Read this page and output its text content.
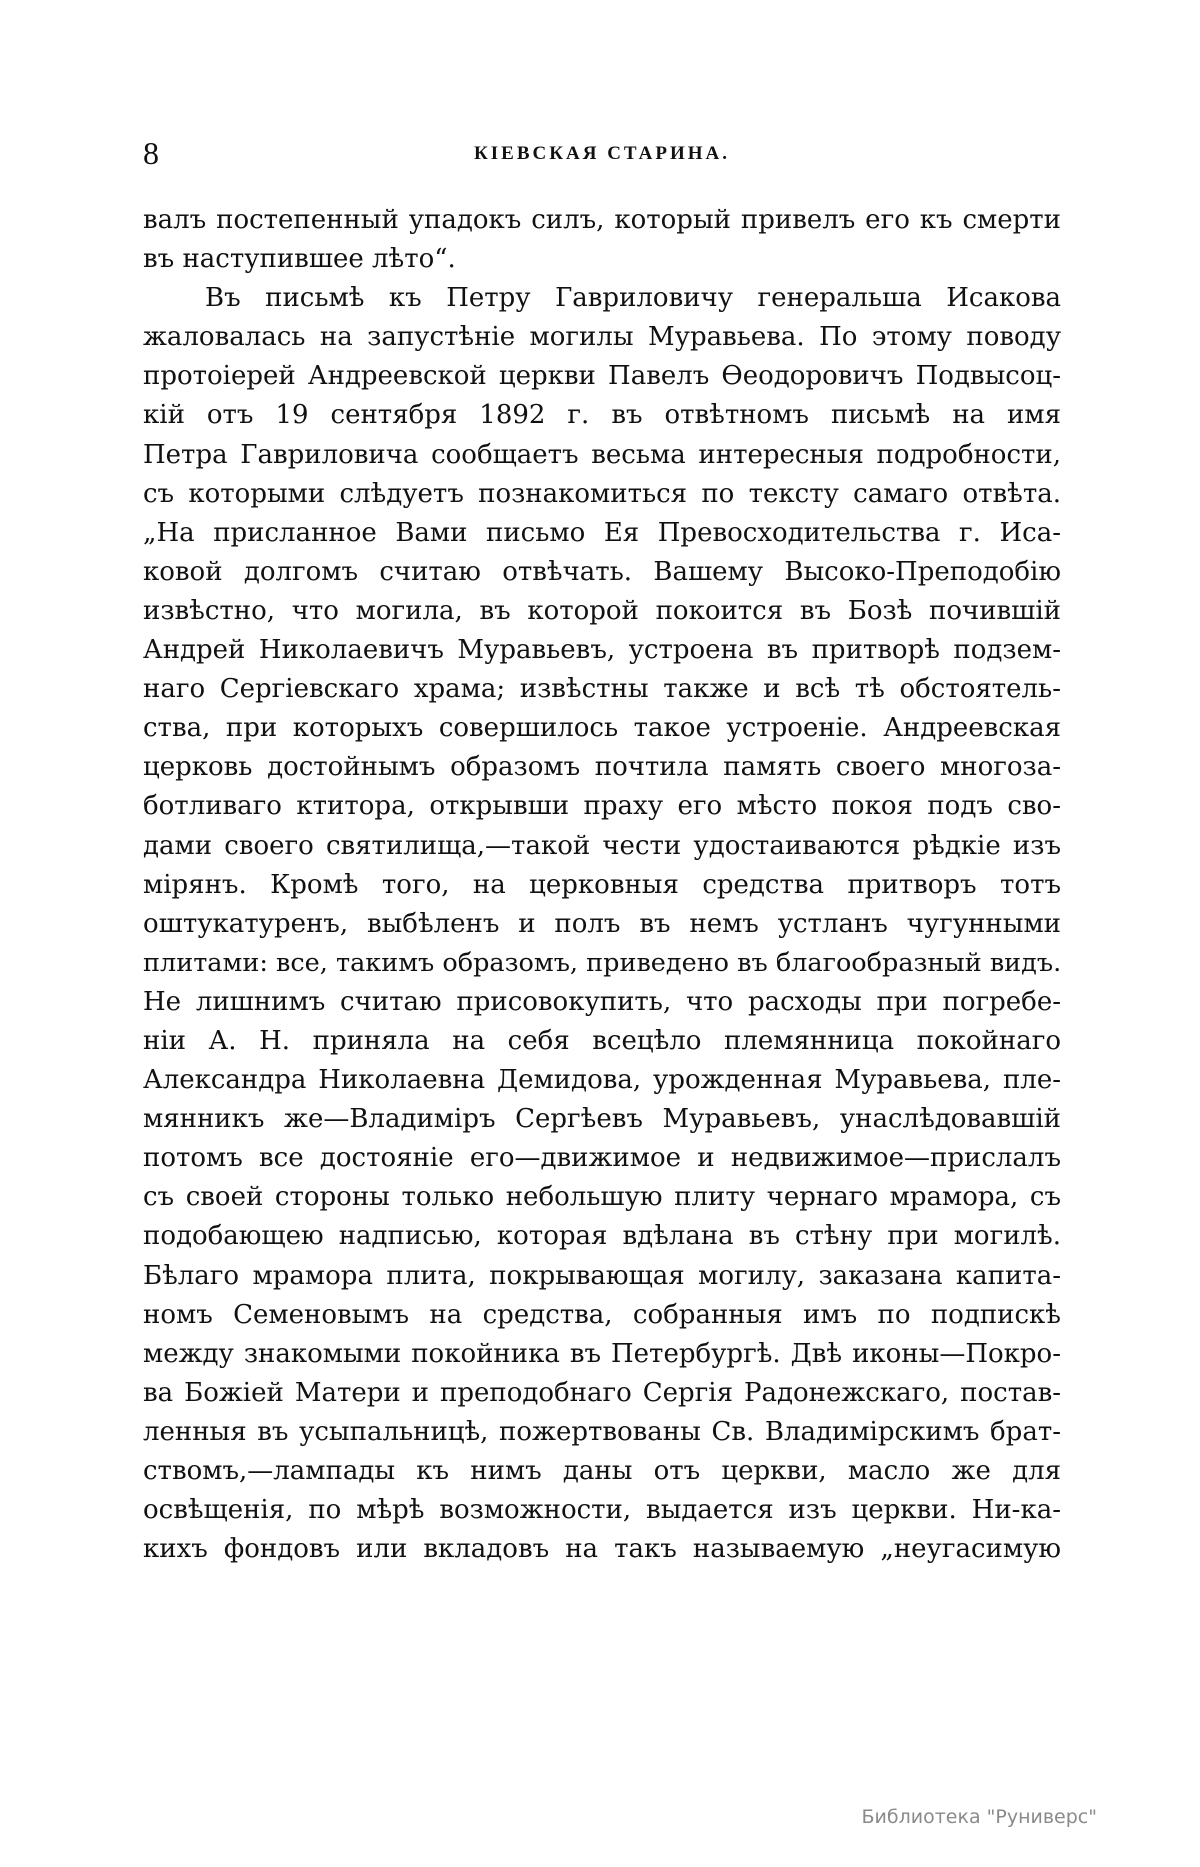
8	КІЕВСКАЯ СТАРИНА.
валъ постепенный упадокъ силъ, который привелъ его къ смерти
въ наступившее лѣто“.
Въ письмѣ къ Петру Гавриловичу генеральша Исакова
жаловалась на запустѣніе могилы Муравьева. По этому поводу
протоіерей Андреевской церкви Павелъ Ѳеодоровичъ Подвысоц-
кій отъ 19 сентября 1892 г. въ отвѣтномъ письмѣ на имя
Петра Гавриловича сообщаетъ весьма интересныя подробности,
съ которыми слѣдуетъ познакомиться по тексту самаго отвѣта.
„На присланное Вами письмо Ея Превосходительства г. Иса-
ковой долгомъ считаю отвѣчать. Вашему Высоко-Преподобію
извѣстно, что могила, въ которой покоится въ Бозѣ почившій
Андрей Николаевичъ Муравьевъ, устроена въ притворѣ подзем-
наго Сергіевскаго храма; извѣстны также и всѣ тѣ обстоятель-
ства, при которыхъ совершилось такое устроеніе. Андреевская
церковь достойнымъ образомъ почтила память своего многоза-
ботливаго ктитора, открывши праху его мѣсто покоя подъ сво-
дами своего святилища,—такой чести удостаиваются рѣдкіе изъ
мірянъ. Кромѣ того, на церковныя средства притворъ тотъ
оштукатуренъ, выбѣленъ и полъ въ немъ устланъ чугунными
плитами: все, такимъ образомъ, приведено въ благообразный видъ.
Не лишнимъ считаю присовокупить, что расходы при погребе-
ніи А. Н. приняла на себя всецѣло племянница покойнаго
Александра Николаевна Демидова, урожденная Муравьева, пле-
мянникъ же—Владиміръ Сергѣевъ Муравьевъ, унаслѣдовавшій
потомъ все достояніе его—движимое и недвижимое—прислалъ
съ своей стороны только небольшую плиту чернаго мрамора, съ
подобающею надписью, которая вдѣлана въ стѣну при могилѣ.
Бѣлаго мрамора плита, покрывающая могилу, заказана капита-
номъ Семеновымъ на средства, собранныя имъ по подпискѣ
между знакомыми покойника въ Петербургѣ. Двѣ иконы—Покро-
ва Божіей Матери и преподобнаго Сергія Радонежскаго, постав-
ленныя въ усыпальницѣ, пожертвованы Св. Владимірскимъ брат-
ствомъ,—лампады къ нимъ даны отъ церкви, масло же для
освѣщенія, по мѣрѣ возможности, выдается изъ церкви. Ни-ка-
кихъ фондовъ или вкладовъ на такъ называемую „неугасимую
Библиотека "Руниверс"
